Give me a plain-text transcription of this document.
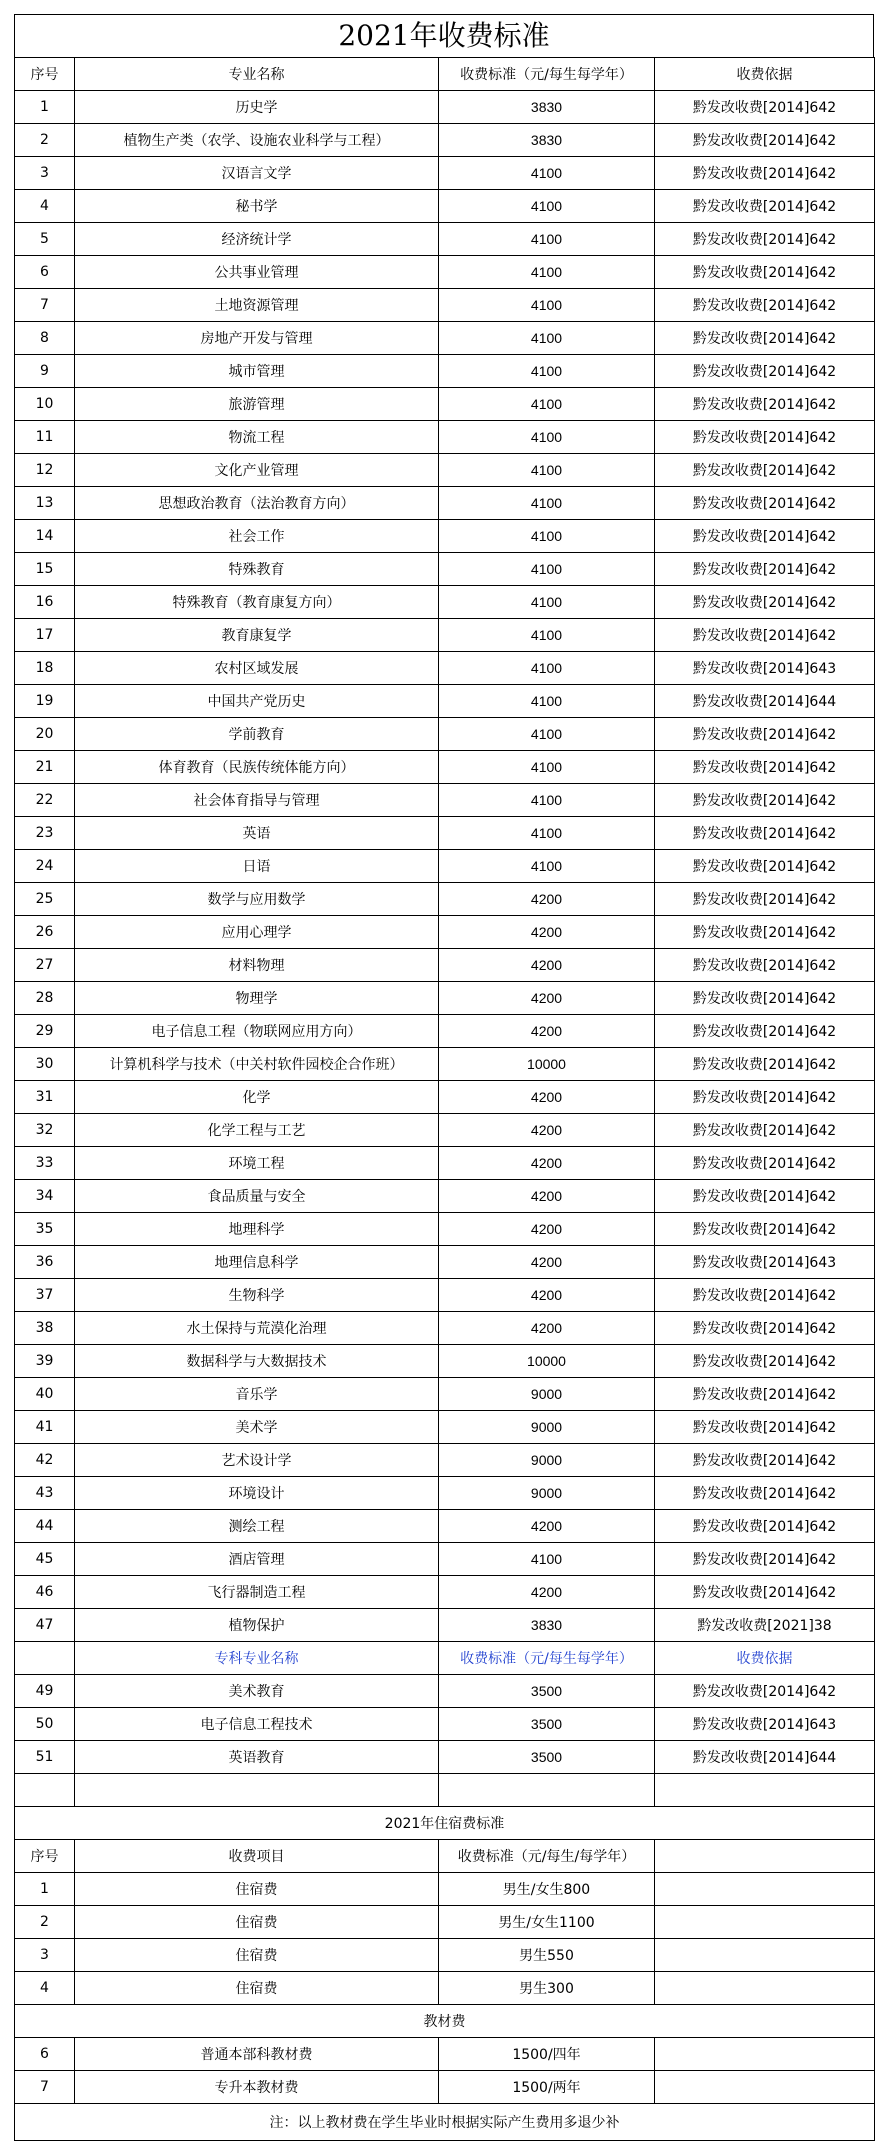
2021年收费标准
序号	专业名称	收费标准（元/每生每学年）	收费依据
1	历史学	3830	黔发改收费[2014]642
2	植物生产类（农学、设施农业科学与工程）	3830	黔发改收费[2014]642
3	汉语言文学	4100	黔发改收费[2014]642
4	秘书学	4100	黔发改收费[2014]642
5	经济统计学	4100	黔发改收费[2014]642
6	公共事业管理	4100	黔发改收费[2014]642
7	土地资源管理	4100	黔发改收费[2014]642
8	房地产开发与管理	4100	黔发改收费[2014]642
9	城市管理	4100	黔发改收费[2014]642
10	旅游管理	4100	黔发改收费[2014]642
11	物流工程	4100	黔发改收费[2014]642
12	文化产业管理	4100	黔发改收费[2014]642
13	思想政治教育（法治教育方向）	4100	黔发改收费[2014]642
14	社会工作	4100	黔发改收费[2014]642
15	特殊教育	4100	黔发改收费[2014]642
16	特殊教育（教育康复方向）	4100	黔发改收费[2014]642
17	教育康复学	4100	黔发改收费[2014]642
18	农村区域发展	4100	黔发改收费[2014]643
19	中国共产党历史	4100	黔发改收费[2014]644
20	学前教育	4100	黔发改收费[2014]642
21	体育教育（民族传统体能方向）	4100	黔发改收费[2014]642
22	社会体育指导与管理	4100	黔发改收费[2014]642
23	英语	4100	黔发改收费[2014]642
24	日语	4100	黔发改收费[2014]642
25	数学与应用数学	4200	黔发改收费[2014]642
26	应用心理学	4200	黔发改收费[2014]642
27	材料物理	4200	黔发改收费[2014]642
28	物理学	4200	黔发改收费[2014]642
29	电子信息工程（物联网应用方向）	4200	黔发改收费[2014]642
30	计算机科学与技术（中关村软件园校企合作班）	10000	黔发改收费[2014]642
31	化学	4200	黔发改收费[2014]642
32	化学工程与工艺	4200	黔发改收费[2014]642
33	环境工程	4200	黔发改收费[2014]642
34	食品质量与安全	4200	黔发改收费[2014]642
35	地理科学	4200	黔发改收费[2014]642
36	地理信息科学	4200	黔发改收费[2014]643
37	生物科学	4200	黔发改收费[2014]642
38	水土保持与荒漠化治理	4200	黔发改收费[2014]642
39	数据科学与大数据技术	10000	黔发改收费[2014]642
40	音乐学	9000	黔发改收费[2014]642
41	美术学	9000	黔发改收费[2014]642
42	艺术设计学	9000	黔发改收费[2014]642
43	环境设计	9000	黔发改收费[2014]642
44	测绘工程	4200	黔发改收费[2014]642
45	酒店管理	4100	黔发改收费[2014]642
46	飞行器制造工程	4200	黔发改收费[2014]642
47	植物保护	3830	黔发改收费[2021]38
	专科专业名称	收费标准（元/每生每学年）	收费依据
49	美术教育	3500	黔发改收费[2014]642
50	电子信息工程技术	3500	黔发改收费[2014]643
51	英语教育	3500	黔发改收费[2014]644

2021年住宿费标准			
序号	收费项目	收费标准（元/每生/每学年）	
1	住宿费	男生/女生800	
2	住宿费	男生/女生1100	
3	住宿费	男生550	
4	住宿费	男生300	
教材费			
6	普通本部科教材费	1500/四年	
7	专升本教材费	1500/两年	
注：以上教材费在学生毕业时根据实际产生费用多退少补			
